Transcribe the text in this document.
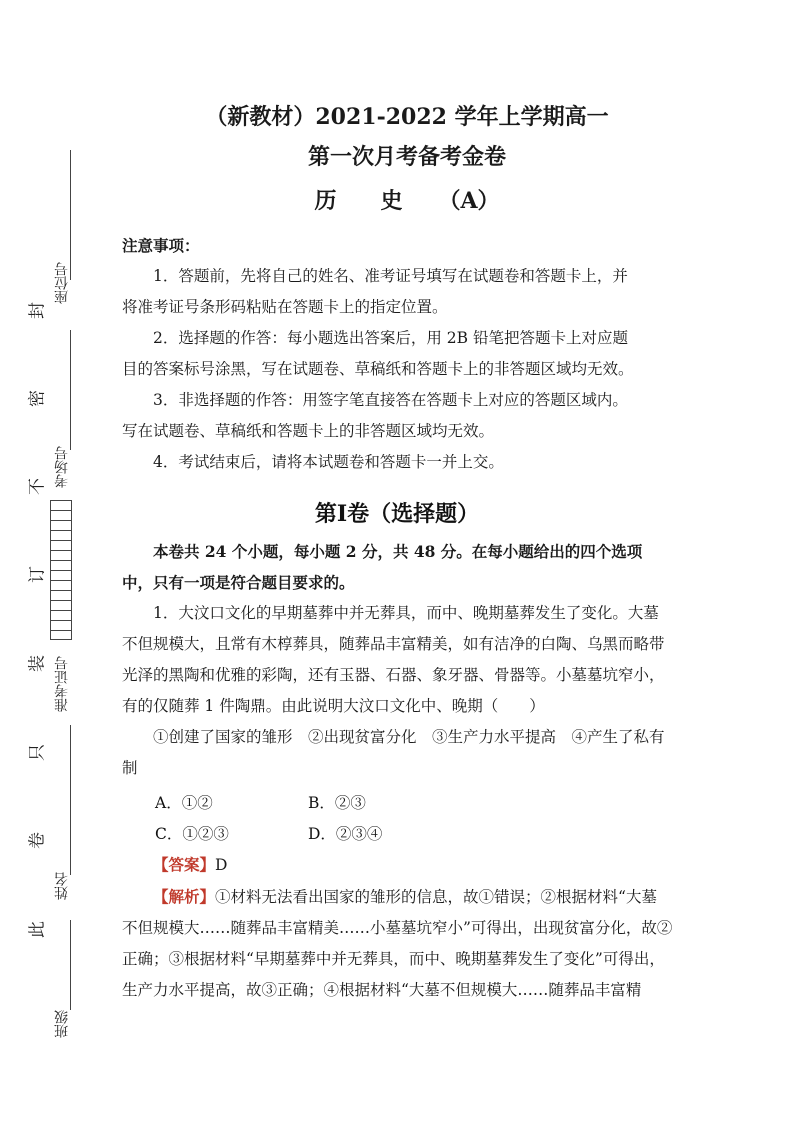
座位号
考场号
准考证号
姓名
班级
封
密
不
订
装
只
卷
此
（新教材）2021-2022 学年上学期高一
第一次月考备考金卷
历 史 （A）
注意事项：
1．答题前，先将自己的姓名、准考证号填写在试题卷和答题卡上，并
将准考证号条形码粘贴在答题卡上的指定位置。
2．选择题的作答：每小题选出答案后，用 2B 铅笔把答题卡上对应题
目的答案标号涂黑，写在试题卷、草稿纸和答题卡上的非答题区域均无效。
3．非选择题的作答：用签字笔直接答在答题卡上对应的答题区域内。
写在试题卷、草稿纸和答题卡上的非答题区域均无效。
4．考试结束后，请将本试题卷和答题卡一并上交。
第Ⅰ卷（选择题）
本卷共 24 个小题，每小题 2 分，共 48 分。在每小题给出的四个选项
中，只有一项是符合题目要求的。
1．大汶口文化的早期墓葬中并无葬具，而中、晚期墓葬发生了变化。大墓
不但规模大，且常有木椁葬具，随葬品丰富精美，如有洁净的白陶、乌黑而略带
光泽的黑陶和优雅的彩陶，还有玉器、石器、象牙器、骨器等。小墓墓坑窄小，
有的仅随葬 1 件陶鼎。由此说明大汶口文化中、晚期（　　）
①创建了国家的雏形　②出现贫富分化　③生产力水平提高　④产生了私有
制
A．①②	B．②③
C．①②③	D．②③④
【答案】D
【解析】①材料无法看出国家的雏形的信息，故①错误；②根据材料“大墓
不但规模大……随葬品丰富精美……小墓墓坑窄小”可得出，出现贫富分化，故②
正确；③根据材料“早期墓葬中并无葬具，而中、晚期墓葬发生了变化”可得出，
生产力水平提高，故③正确；④根据材料“大墓不但规模大……随葬品丰富精
